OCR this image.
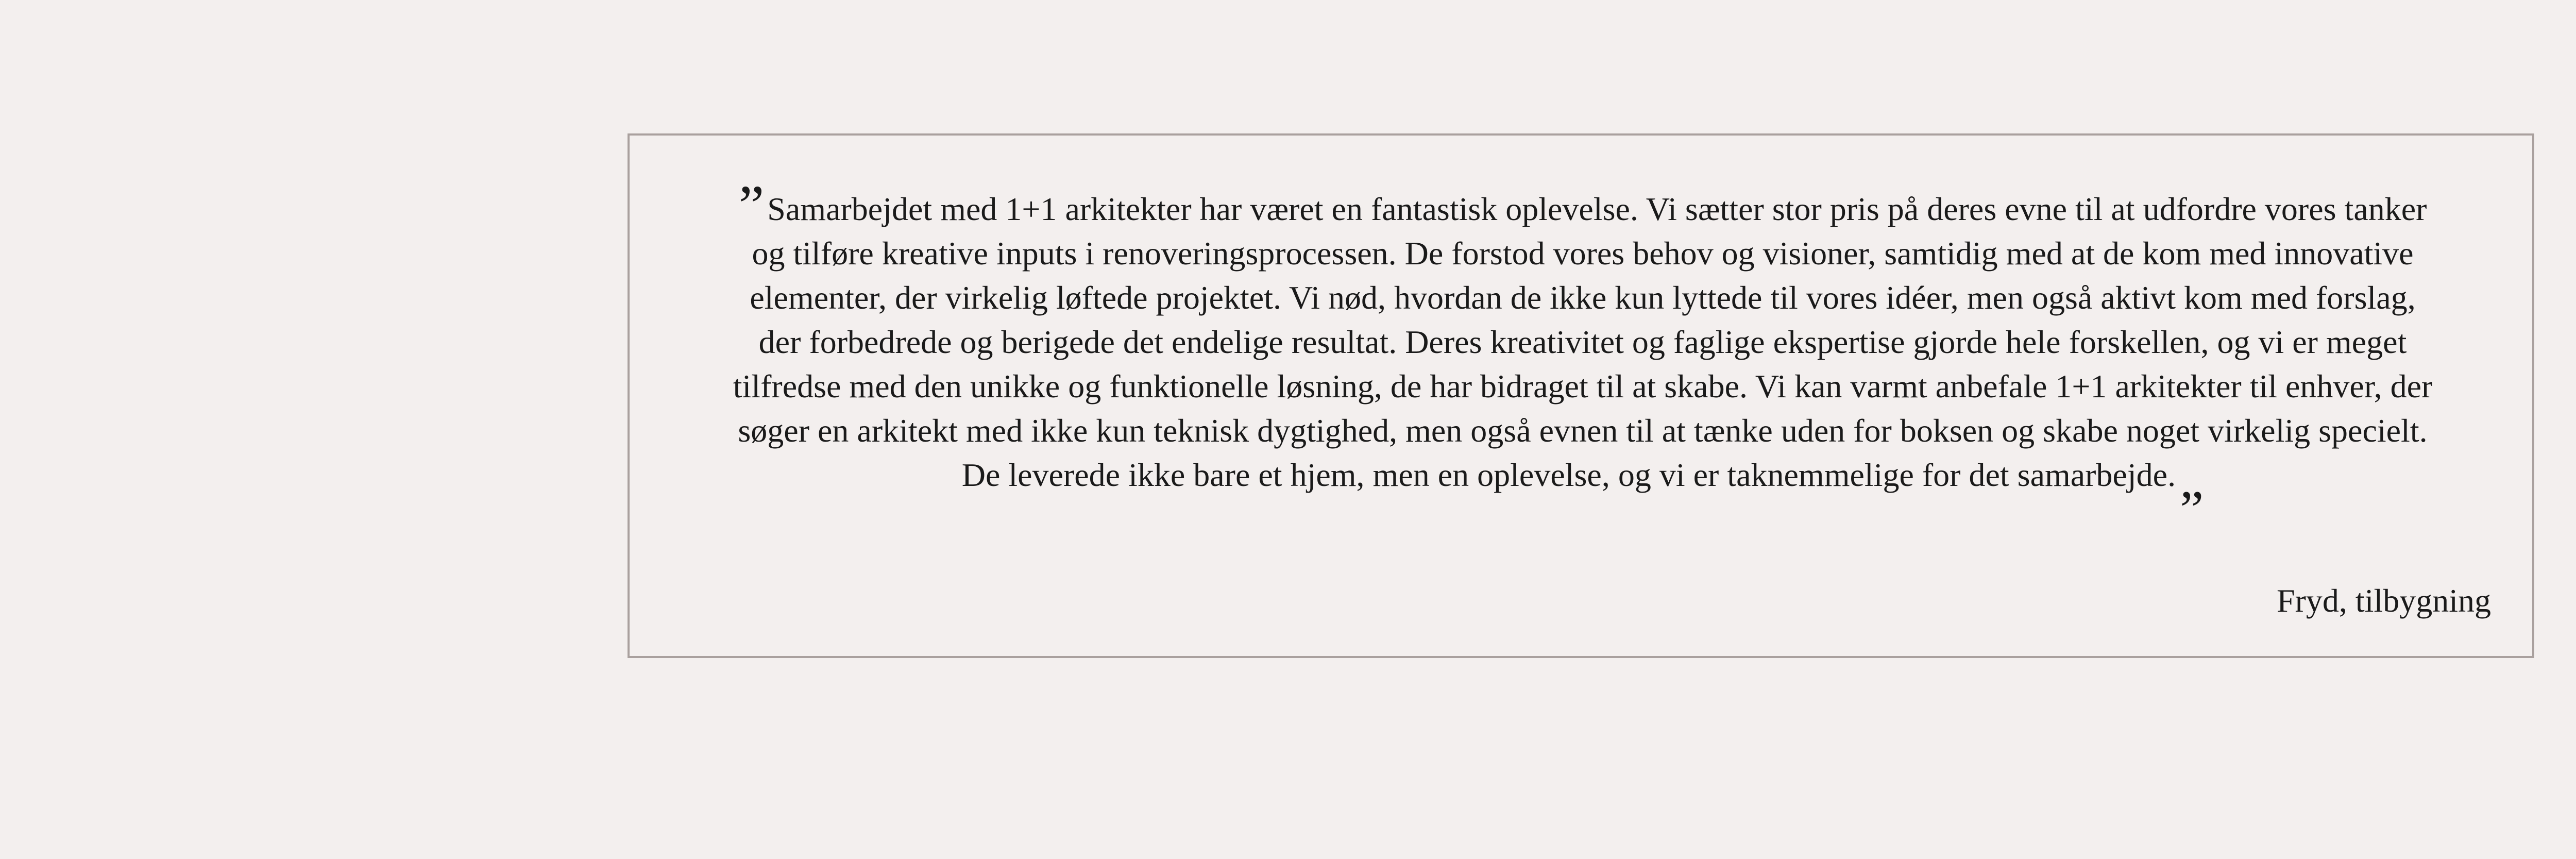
”Samarbejdet med 1+1 arkitekter har været en fantastisk oplevelse. Vi sætter stor pris på deres evne til at udfordre vores tanker og tilføre kreative inputs i renoveringsprocessen. De forstod vores behov og visioner, samtidig med at de kom med innovative elementer, der virkelig løftede projektet. Vi nød, hvordan de ikke kun lyttede til vores idéer, men også aktivt kom med forslag, der forbedrede og berigede det endelige resultat. Deres kreativitet og faglige ekspertise gjorde hele forskellen, og vi er meget tilfredse med den unikke og funktionelle løsning, de har bidraget til at skabe. Vi kan varmt anbefale 1+1 arkitekter til enhver, der søger en arkitekt med ikke kun teknisk dygtighed, men også evnen til at tænke uden for boksen og skabe noget virkelig specielt. De leverede ikke bare et hjem, men en oplevelse, og vi er taknemmelige for det samarbejde.„

Fryd, tilbygning
